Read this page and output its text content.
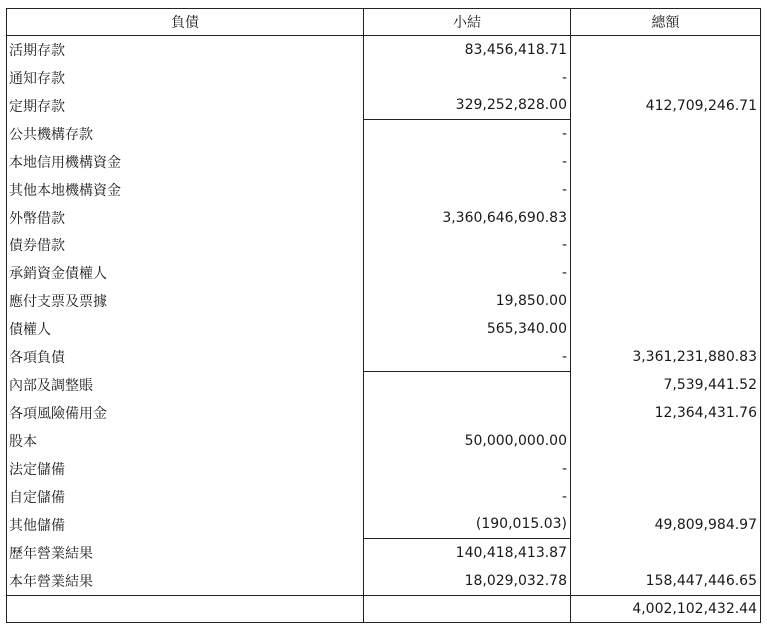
負債	小結	總額
活期存款	83,456,418.71	
通知存款	-	
定期存款	329,252,828.00	412,709,246.71
公共機構存款	-	
本地信用機構資金	-	
其他本地機構資金	-	
外幣借款	3,360,646,690.83	
債券借款	-	
承銷資金債權人	-	
應付支票及票據	19,850.00	
債權人	565,340.00	
各項負債	-	3,361,231,880.83
內部及調整賬		7,539,441.52
各項風險備用金		12,364,431.76
股本	50,000,000.00	
法定儲備	-	
自定儲備	-	
其他儲備	(190,015.03)	49,809,984.97
歷年營業結果	140,418,413.87	
本年營業結果	18,029,032.78	158,447,446.65
		4,002,102,432.44
